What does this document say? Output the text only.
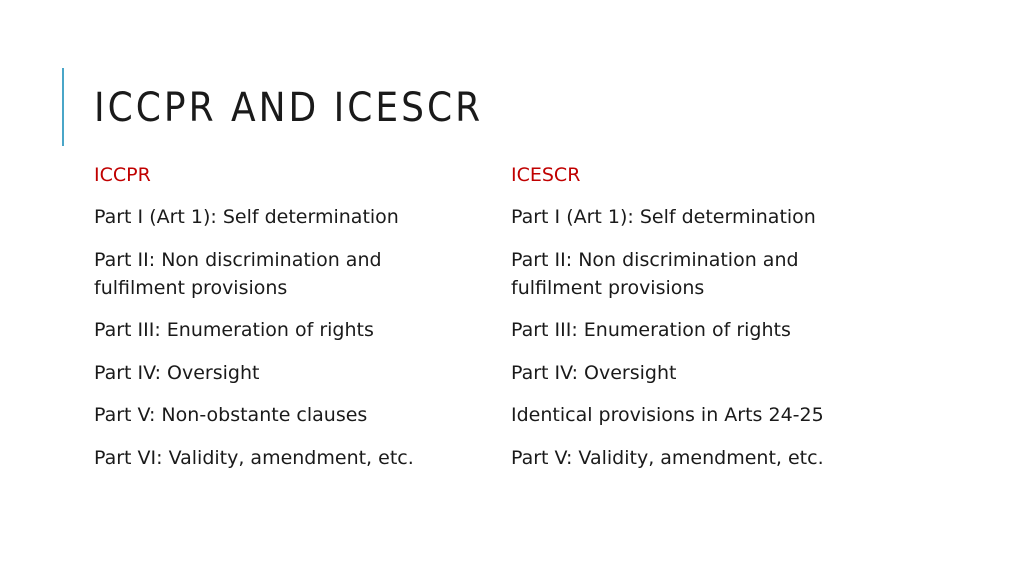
ICCPR AND ICESCR
ICCPR
Part I (Art 1): Self determination
Part II: Non discrimination and fulfilment provisions
Part III: Enumeration of rights
Part IV: Oversight
Part V: Non-obstante clauses
Part VI: Validity, amendment, etc.
ICESCR
Part I (Art 1): Self determination
Part II: Non discrimination and fulfilment provisions
Part III: Enumeration of rights
Part IV: Oversight
Identical provisions in Arts 24-25
Part V: Validity, amendment, etc.
